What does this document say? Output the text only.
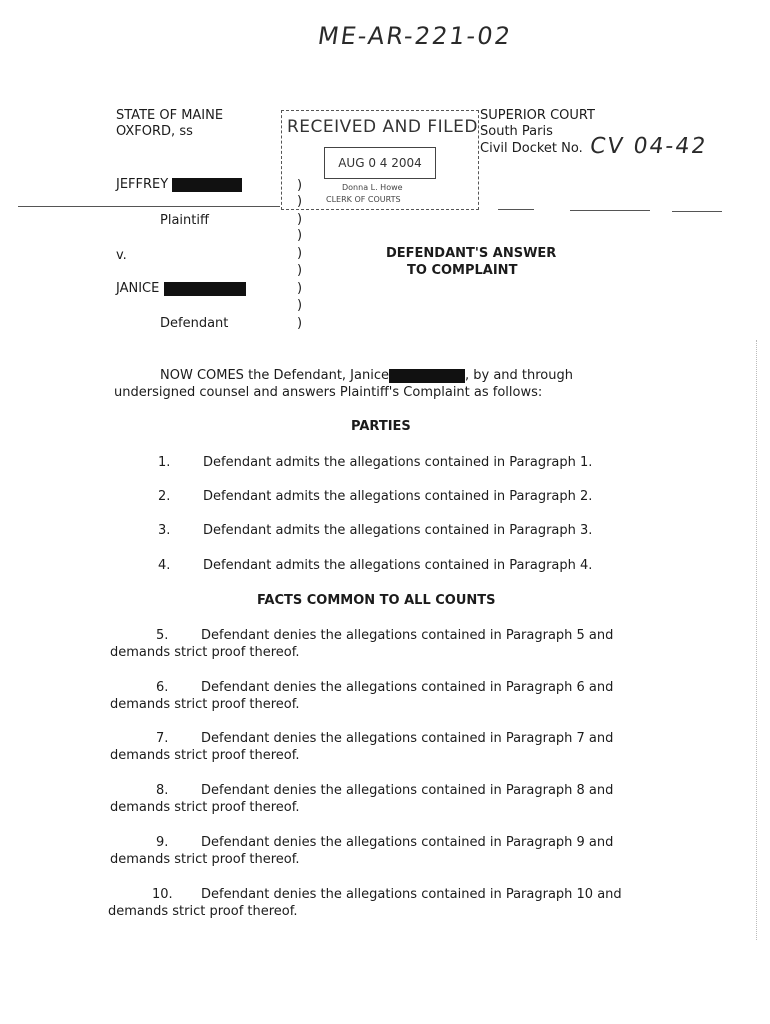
ME-AR-221-02
STATE OF MAINE
OXFORD, ss
SUPERIOR COURT
South Paris
Civil Docket No. CV 04-42
RECEIVED AND FILED
AUG 0 4 2004
Donna L. Howe
CLERK OF COURTS
JEFFREY
Plaintiff
v.
JANICE
Defendant
)
)
)
)
)
)
)
)
)
DEFENDANT'S ANSWER
TO COMPLAINT
NOW COMES the Defendant, Janice	, by and through
undersigned counsel and answers Plaintiff's Complaint as follows:
PARTIES
1.	Defendant admits the allegations contained in Paragraph 1.
2.	Defendant admits the allegations contained in Paragraph 2.
3.	Defendant admits the allegations contained in Paragraph 3.
4.	Defendant admits the allegations contained in Paragraph 4.
FACTS COMMON TO ALL COUNTS
5.	Defendant denies the allegations contained in Paragraph 5 and
demands strict proof thereof.
6.	Defendant denies the allegations contained in Paragraph 6 and
demands strict proof thereof.
7.	Defendant denies the allegations contained in Paragraph 7 and
demands strict proof thereof.
8.	Defendant denies the allegations contained in Paragraph 8 and
demands strict proof thereof.
9.	Defendant denies the allegations contained in Paragraph 9 and
demands strict proof thereof.
10. Defendant denies the allegations contained in Paragraph 10 and
demands strict proof thereof.
